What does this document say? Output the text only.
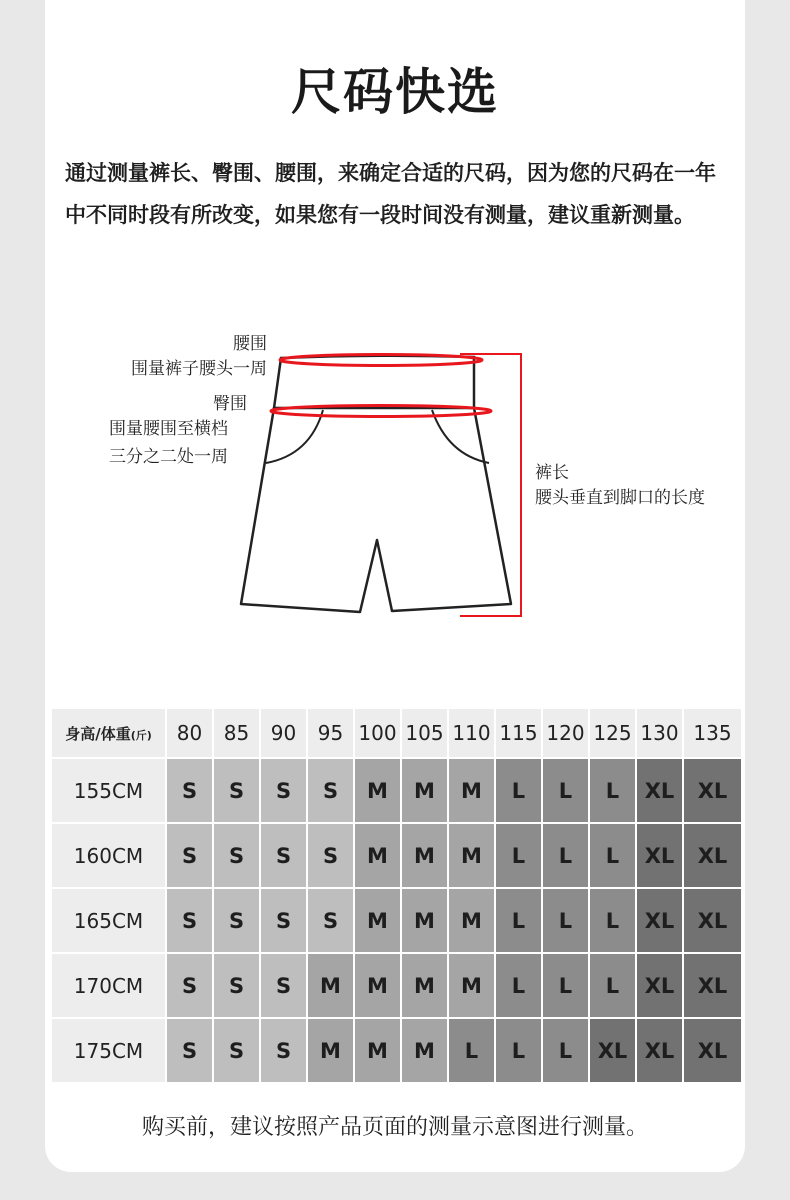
尺码快选

通过测量裤长、臀围、腰围，来确定合适的尺码，因为您的尺码在一年中不同时段有所改变，如果您有一段时间没有测量，建议重新测量。

腰围
围量裤子腰头一周
臀围
围量腰围至横档
三分之二处一周
裤长
腰头垂直到脚口的长度
身高/体重(斤)	80	85	90	95	100	105	110	115	120	125	130	135
155CM	S	S	S	S	M	M	M	L	L	L	XL	XL
160CM	S	S	S	S	M	M	M	L	L	L	XL	XL
165CM	S	S	S	S	M	M	M	L	L	L	XL	XL
170CM	S	S	S	M	M	M	M	L	L	L	XL	XL
175CM	S	S	S	M	M	M	L	L	L	XL	XL	XL
购买前，建议按照产品页面的测量示意图进行测量。
